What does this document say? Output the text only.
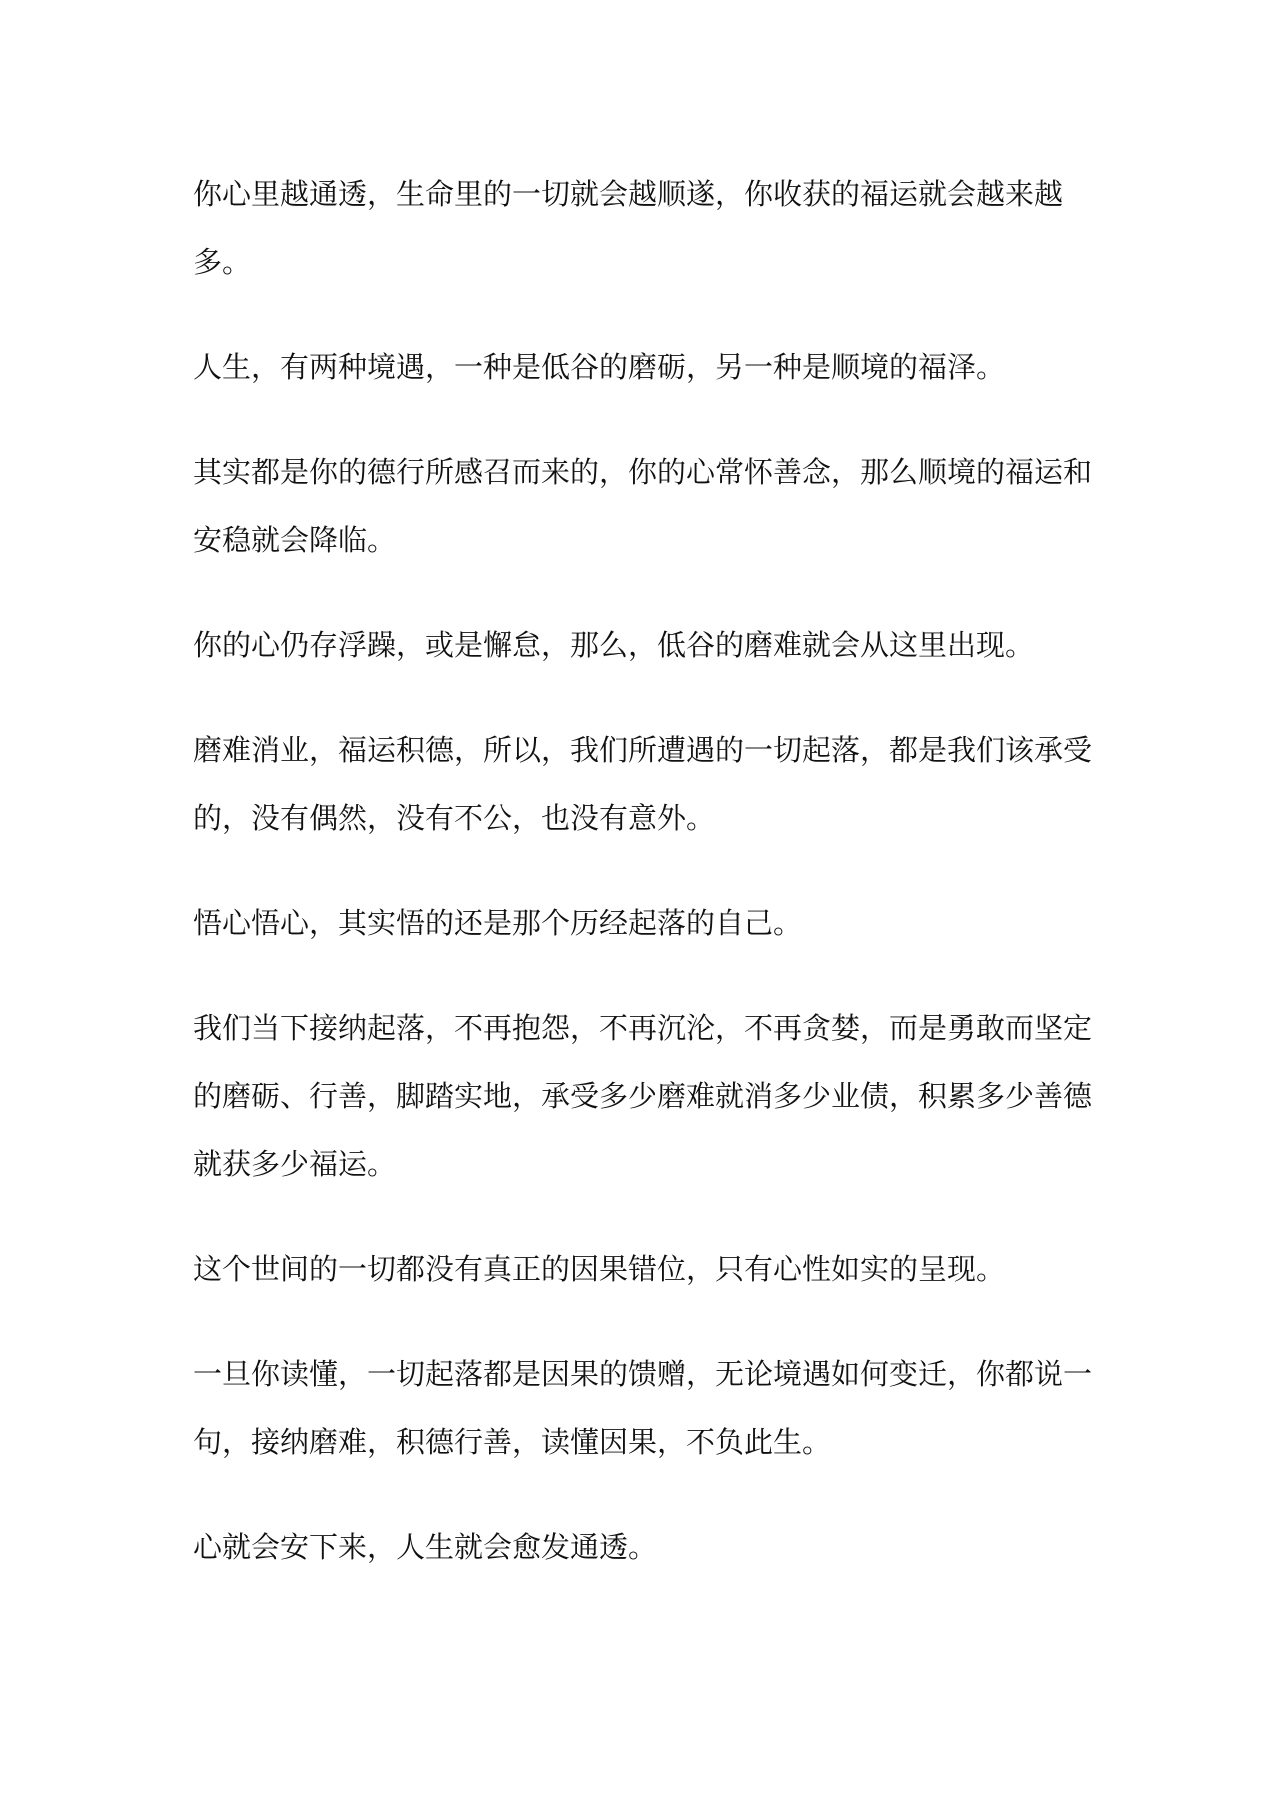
你心里越通透，生命里的一切就会越顺遂，你收获的福运就会越来越多。

人生，有两种境遇，一种是低谷的磨砺，另一种是顺境的福泽。

其实都是你的德行所感召而来的，你的心常怀善念，那么顺境的福运和安稳就会降临。

你的心仍存浮躁，或是懈怠，那么，低谷的磨难就会从这里出现。

磨难消业，福运积德，所以，我们所遭遇的一切起落，都是我们该承受的，没有偶然，没有不公，也没有意外。

悟心悟心，其实悟的还是那个历经起落的自己。

我们当下接纳起落，不再抱怨，不再沉沦，不再贪婪，而是勇敢而坚定的磨砺、行善，脚踏实地，承受多少磨难就消多少业债，积累多少善德就获多少福运。

这个世间的一切都没有真正的因果错位，只有心性如实的呈现。

一旦你读懂，一切起落都是因果的馈赠，无论境遇如何变迁，你都说一句，接纳磨难，积德行善，读懂因果，不负此生。

心就会安下来，人生就会愈发通透。
